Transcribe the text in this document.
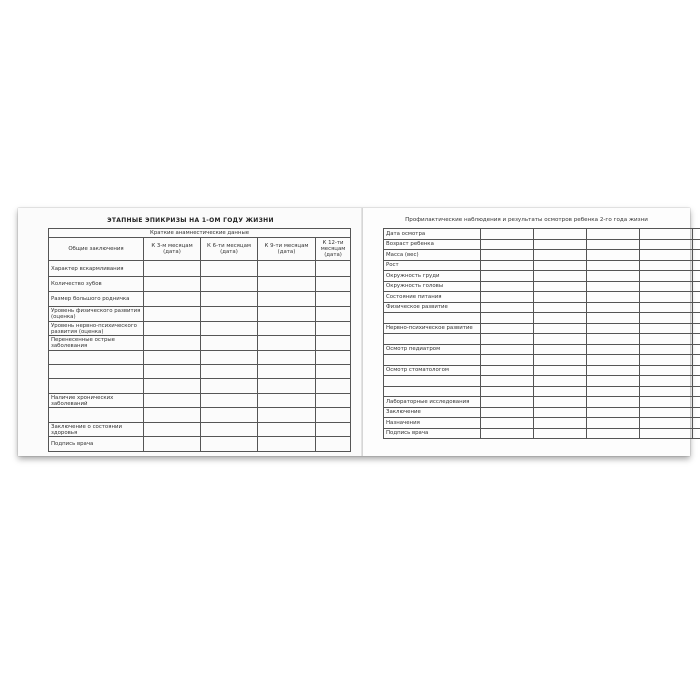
ЭТАПНЫЕ ЭПИКРИЗЫ НА 1-ОМ ГОДУ ЖИЗНИ
Краткие анамнестические данные				
Общие заключения	К 3-м месяцам (дата)	К 6-ти месяцам (дата)	К 9-ти месяцам (дата)	К 12-ти месяцам (дата)
Характер вскармливания				
Количество зубов				
Размер большого родничка				
Уровень физического развития (оценка)				
Уровень нервно-психического развития (оценка)				
Перенесенные острые заболевания				

Наличие хронических заболеваний				

Заключение о состоянии здоровья				
Подпись врача				
Профилактические наблюдения и результаты осмотров ребенка 2-го года жизни
Дата осмотра					
Возраст ребенка					
Масса (вес)					
Рост					
Окружность груди					
Окружность головы					
Состояние питания					
Физическое развитие					

Нервно-психическое развитие					

Осмотр педиатром					

Осмотр стоматологом					

Лабораторные исследования					
Заключение					
Назначения					
Подпись врача					
